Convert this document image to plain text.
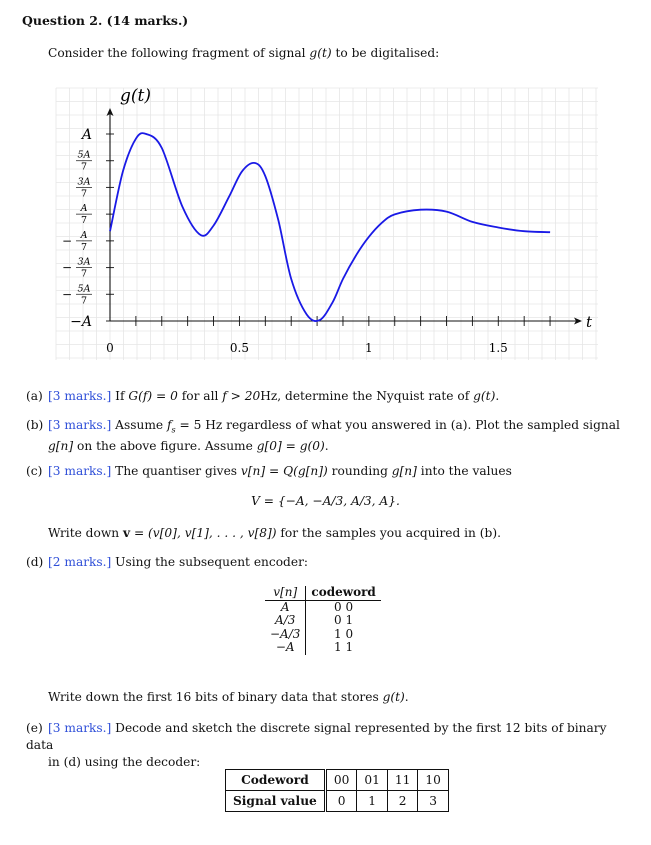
Question 2. (14 marks.)
Consider the following fragment of signal g(t) to be digitalised:
0	0.5	1	1.5
A
5A
7
3A
7
A
7
A
7
−
3A
7
−
5A
7
−
−A
g(t)
t
(a) [3 marks.] If G(f) = 0 for all f > 20Hz, determine the Nyquist rate of g(t).
(b) [3 marks.] Assume $f_s = 5$ Hz regardless of what you answered in (a). Plot the sampled signal
g[n] on the above figure. Assume g[0] = g(0).
(c) [3 marks.] The quantiser gives v[n] = Q(g[n]) rounding g[n] into the values
V = {−A, −A/3, A/3, A}.
Write down v = (v[0], v[1], . . . , v[8]) for the samples you acquired in (b).
(d) [2 marks.] Using the subsequent encoder:
v[n]	codeword
A	0 0
A/3	0 1
−A/3	1 0
−A	1 1
Write down the first 16 bits of binary data that stores g(t).
(e) [3 marks.] Decode and sketch the discrete signal represented by the first 12 bits of binary data
in (d) using the decoder:
Codeword	00	01	11	10
Signal value	0	1	2	3
